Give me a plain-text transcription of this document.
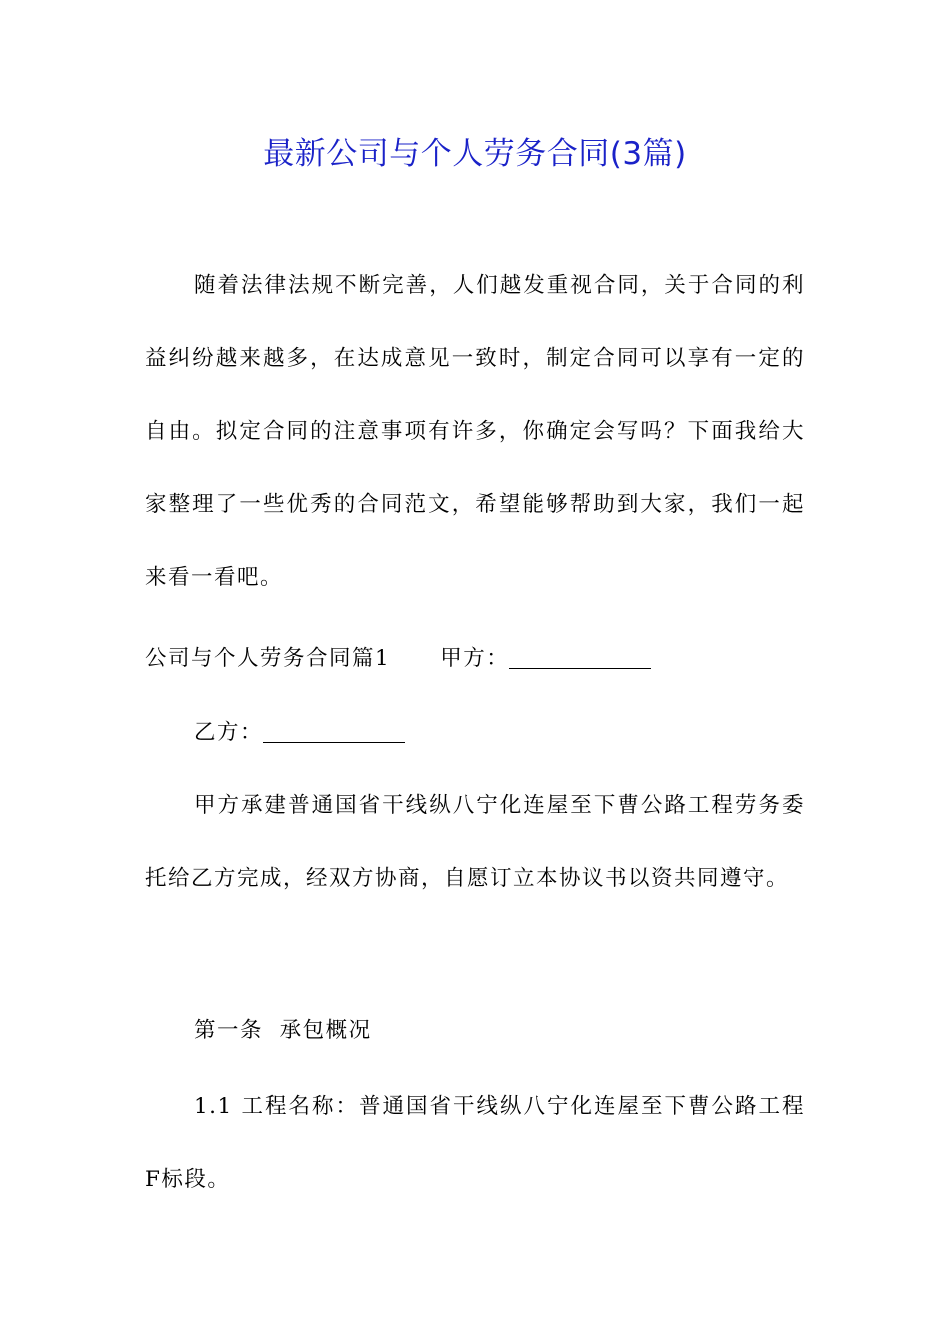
最新公司与个人劳务合同(3篇)

随着法律法规不断完善，人们越发重视合同，关于合同的利益纠纷越来越多，在达成意见一致时，制定合同可以享有一定的自由。拟定合同的注意事项有许多，你确定会写吗？下面我给大家整理了一些优秀的合同范文，希望能够帮助到大家，我们一起来看一看吧。

公司与个人劳务合同篇1 甲方：
乙方：

甲方承建普通国省干线纵八宁化连屋至下曹公路工程劳务委托给乙方完成，经双方协商，自愿订立本协议书以资共同遵守。

第一条  承包概况

1.1 工程名称：普通国省干线纵八宁化连屋至下曹公路工程F标段。
